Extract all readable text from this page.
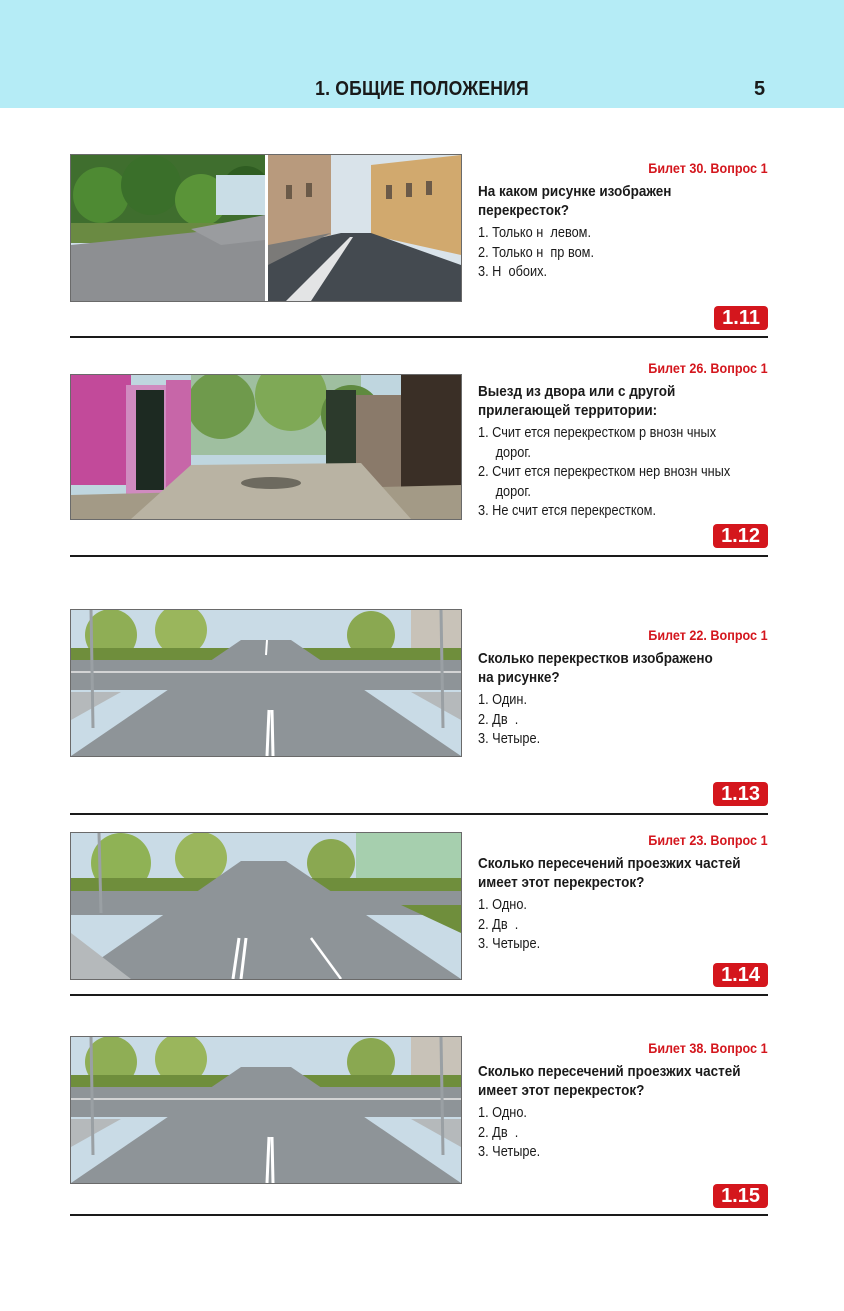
1. ОБЩИЕ ПОЛОЖЕНИЯ	5
Билет 30. Вопрос 1
На каком рисунке изображен
перекресток?
1. Только н  левом.
2. Только н  пр вом.
3. Н  обоих.
1.11
Билет 26. Вопрос 1
Выезд из двора или с другой
прилегающей территории:
1. Счит ется перекрестком р внозн чных
дорог.
2. Счит ется перекрестком нер внозн чных
дорог.
3. Не счит ется перекрестком.
1.12
Билет 22. Вопрос 1
Сколько перекрестков изображено
на рисунке?
1. Один.
2. Дв  .
3. Четыре.
1.13
Билет 23. Вопрос 1
Сколько пересечений проезжих частей
имеет этот перекресток?
1. Одно.
2. Дв  .
3. Четыре.
1.14
Билет 38. Вопрос 1
Сколько пересечений проезжих частей
имеет этот перекресток?
1. Одно.
2. Дв  .
3. Четыре.
1.15
